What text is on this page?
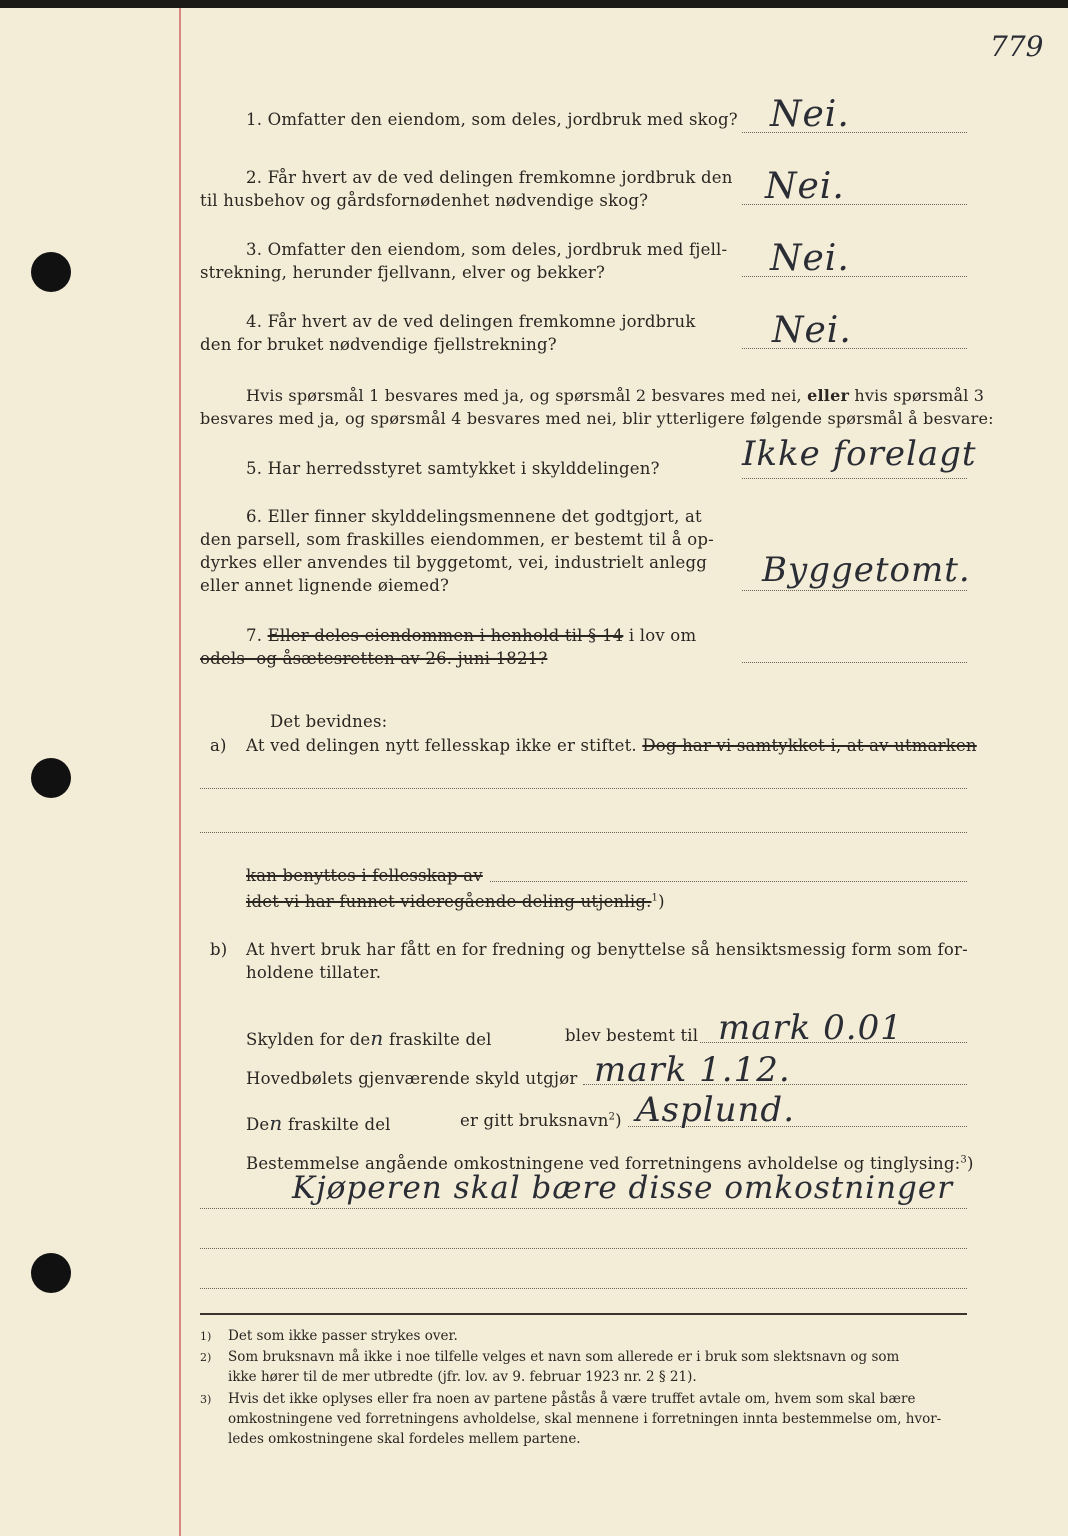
779
1. Omfatter den eiendom, som deles, jordbruk med skog? Nei.
2. Får hvert av de ved delingen fremkomne jordbruk den
til husbehov og gårdsfornødenhet nødvendige skog?	Nei.
3. Omfatter den eiendom, som deles, jordbruk med fjell-
strekning, herunder fjellvann, elver og bekker?	Nei.
4. Får hvert av de ved delingen fremkomne jordbruk
den for bruket nødvendige fjellstrekning?	Nei.
Hvis spørsmål 1 besvares med ja, og spørsmål 2 besvares med nei, eller hvis spørsmål 3
besvares med ja, og spørsmål 4 besvares med nei, blir ytterligere følgende spørsmål å besvare:
5. Har herredsstyret samtykket i skylddelingen? Ikke forelagt
6. Eller finner skylddelingsmennene det godtgjort, at
den parsell, som fraskilles eiendommen, er bestemt til å op-
dyrkes eller anvendes til byggetomt, vei, industrielt anlegg
eller annet lignende øiemed?	Byggetomt.
7. Eller deles eiendommen i henhold til § 14 i lov om
odels- og åsætesretten av 26. juni 1821?
Det bevidnes:
a) At ved delingen nytt fellesskap ikke er stiftet. Dog har vi samtykket i, at av utmarken
kan benyttes i fellesskap av
idet vi har funnet videregående deling utjenlig.$^1$)
b) At hvert bruk har fått en for fredning og benyttelse så hensiktsmessig form som for-
holdene tillater.
Skylden for den fraskilte del	blev bestemt til mark 0.01
Hovedbølets gjenværende skyld utgjør mark 1.12.
Den fraskilte del	er gitt bruksnavn$^2$) Asplund.
Bestemmelse angående omkostningene ved forretningens avholdelse og tinglysing:$^3$)
Kjøperen skal bære disse omkostninger
1) Det som ikke passer strykes over.
2) Som bruksnavn må ikke i noe tilfelle velges et navn som allerede er i bruk som slektsnavn og som
ikke hører til de mer utbredte (jfr. lov. av 9. februar 1923 nr. 2 § 21).
3) Hvis det ikke oplyses eller fra noen av partene påstås å være truffet avtale om, hvem som skal bære
omkostningene ved forretningens avholdelse, skal mennene i forretningen innta bestemmelse om, hvor-
ledes omkostningene skal fordeles mellem partene.
